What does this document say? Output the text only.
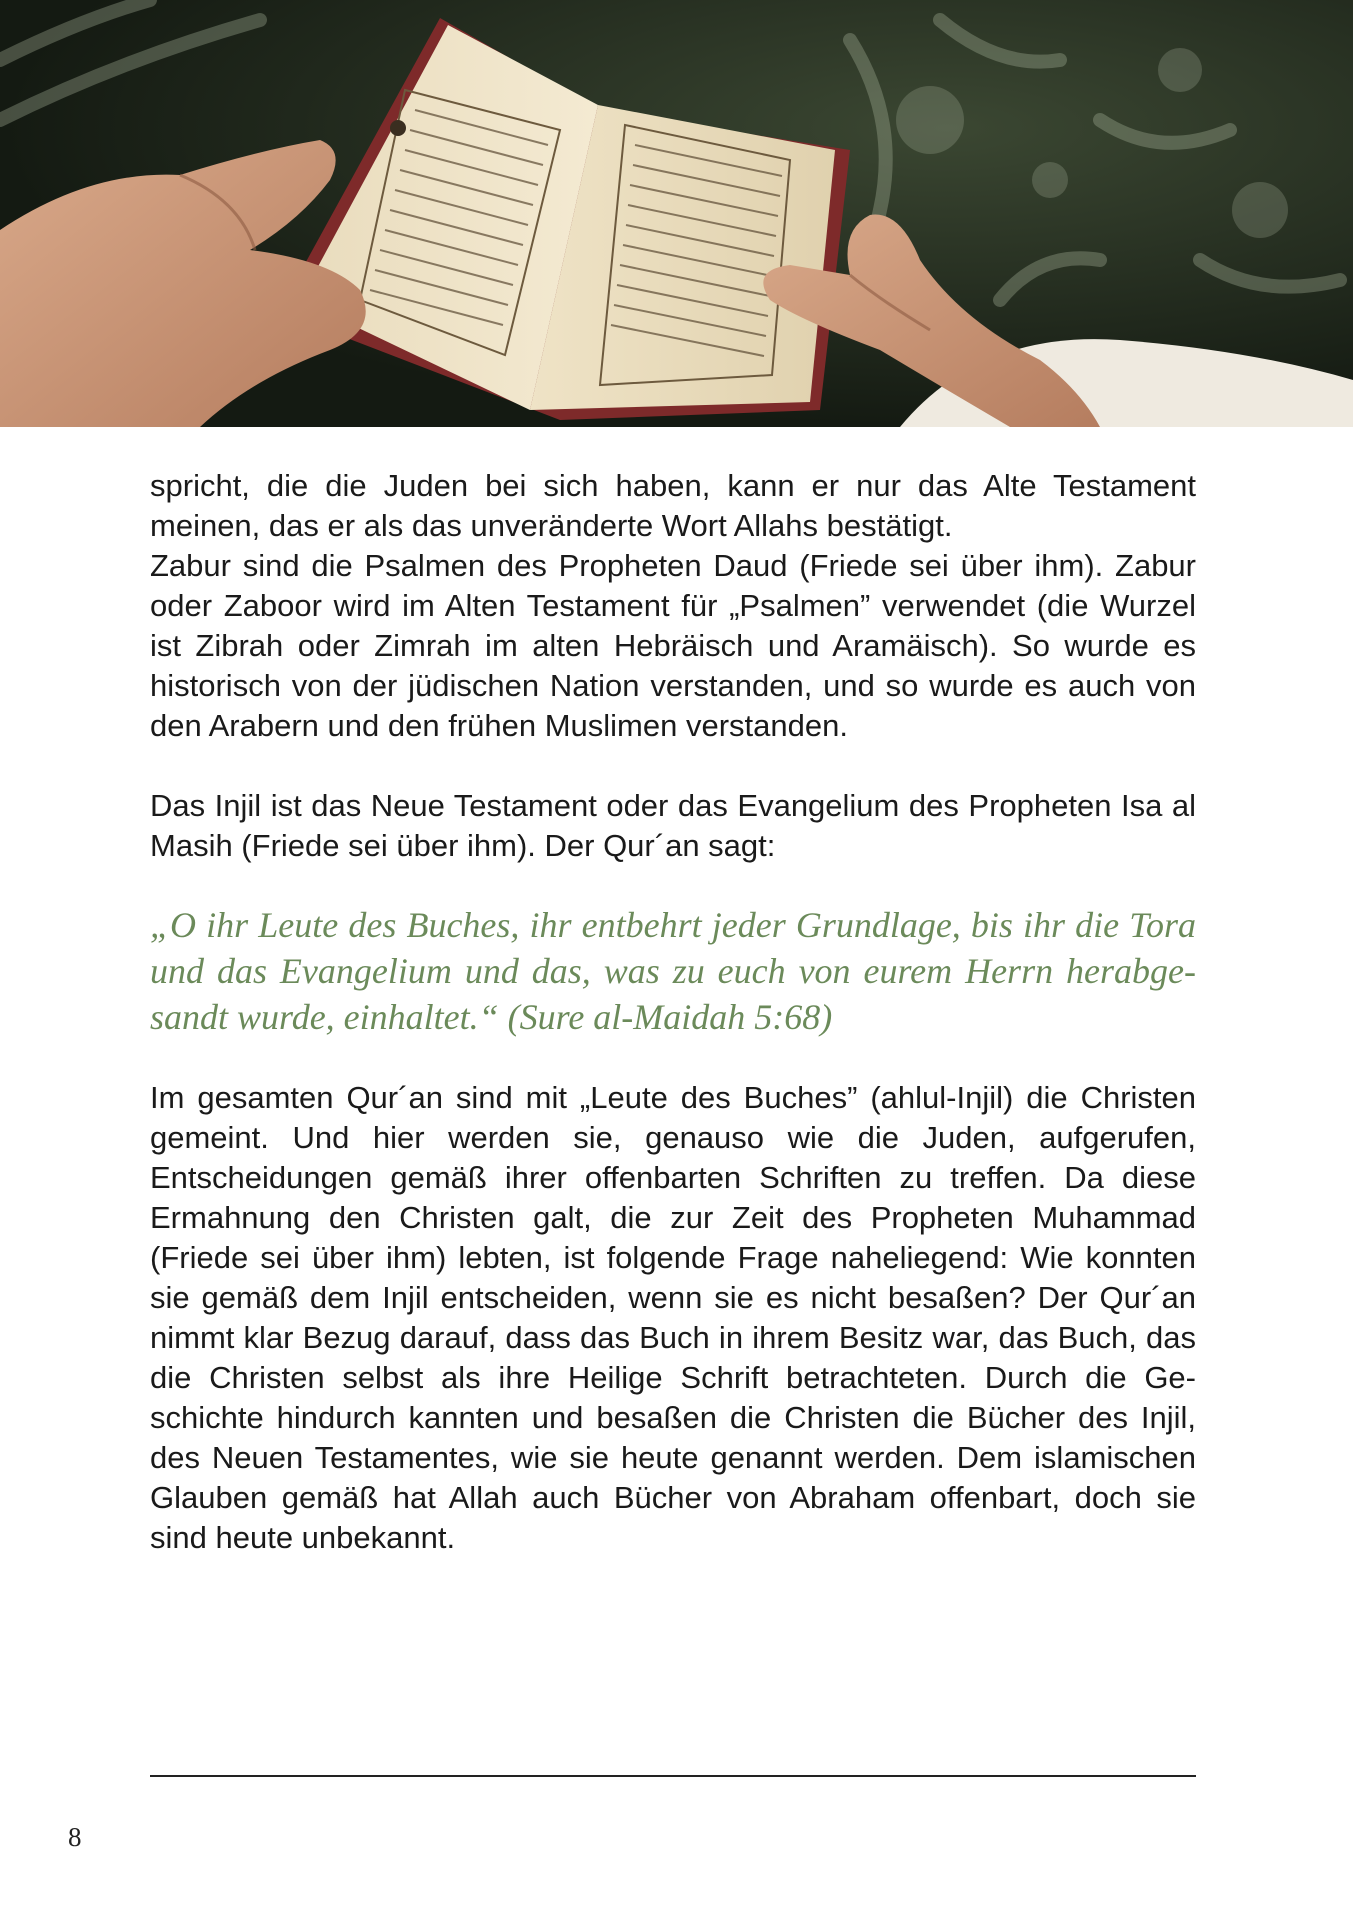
spricht, die die Juden bei sich haben, kann er nur das Alte Testament meinen, das er als das unveränderte Wort Allahs bestätigt.

Zabur sind die Psalmen des Propheten Daud (Friede sei über ihm). Zabur oder Zaboor wird im Alten Testament für „Psalmen” verwendet (die Wurzel ist Zibrah oder Zimrah im alten Hebräisch und Aramäisch). So wurde es historisch von der jüdischen Nation verstanden, und so wurde es auch von den Arabern und den frühen Muslimen verstanden.

Das Injil ist das Neue Testament oder das Evangelium des Propheten Isa al Masih (Friede sei über ihm). Der Qur´an sagt:

„O ihr Leute des Buches, ihr entbehrt jeder Grundlage, bis ihr die Tora und das Evangelium und das, was zu euch von eurem Herrn herabgesandt wurde, einhaltet.“ (Sure al-Maidah 5:68)

Im gesamten Qur´an sind mit „Leute des Buches” (ahlul-Injil) die Christen gemeint. Und hier werden sie, genauso wie die Juden, aufgerufen, Entscheidungen gemäß ihrer offenbarten Schriften zu treffen. Da diese Ermahnung den Christen galt, die zur Zeit des Propheten Muhammad (Friede sei über ihm) lebten, ist folgende Frage naheliegend: Wie konnten sie gemäß dem Injil entscheiden, wenn sie es nicht besaßen? Der Qur´an nimmt klar Bezug darauf, dass das Buch in ihrem Besitz war, das Buch, das die Christen selbst als ihre Heilige Schrift betrachteten. Durch die Geschichte hindurch kannten und besaßen die Christen die Bücher des Injil, des Neuen Testamentes, wie sie heute genannt werden. Dem islamischen Glauben gemäß hat Allah auch Bücher von Abraham offenbart, doch sie sind heute unbekannt.

8
